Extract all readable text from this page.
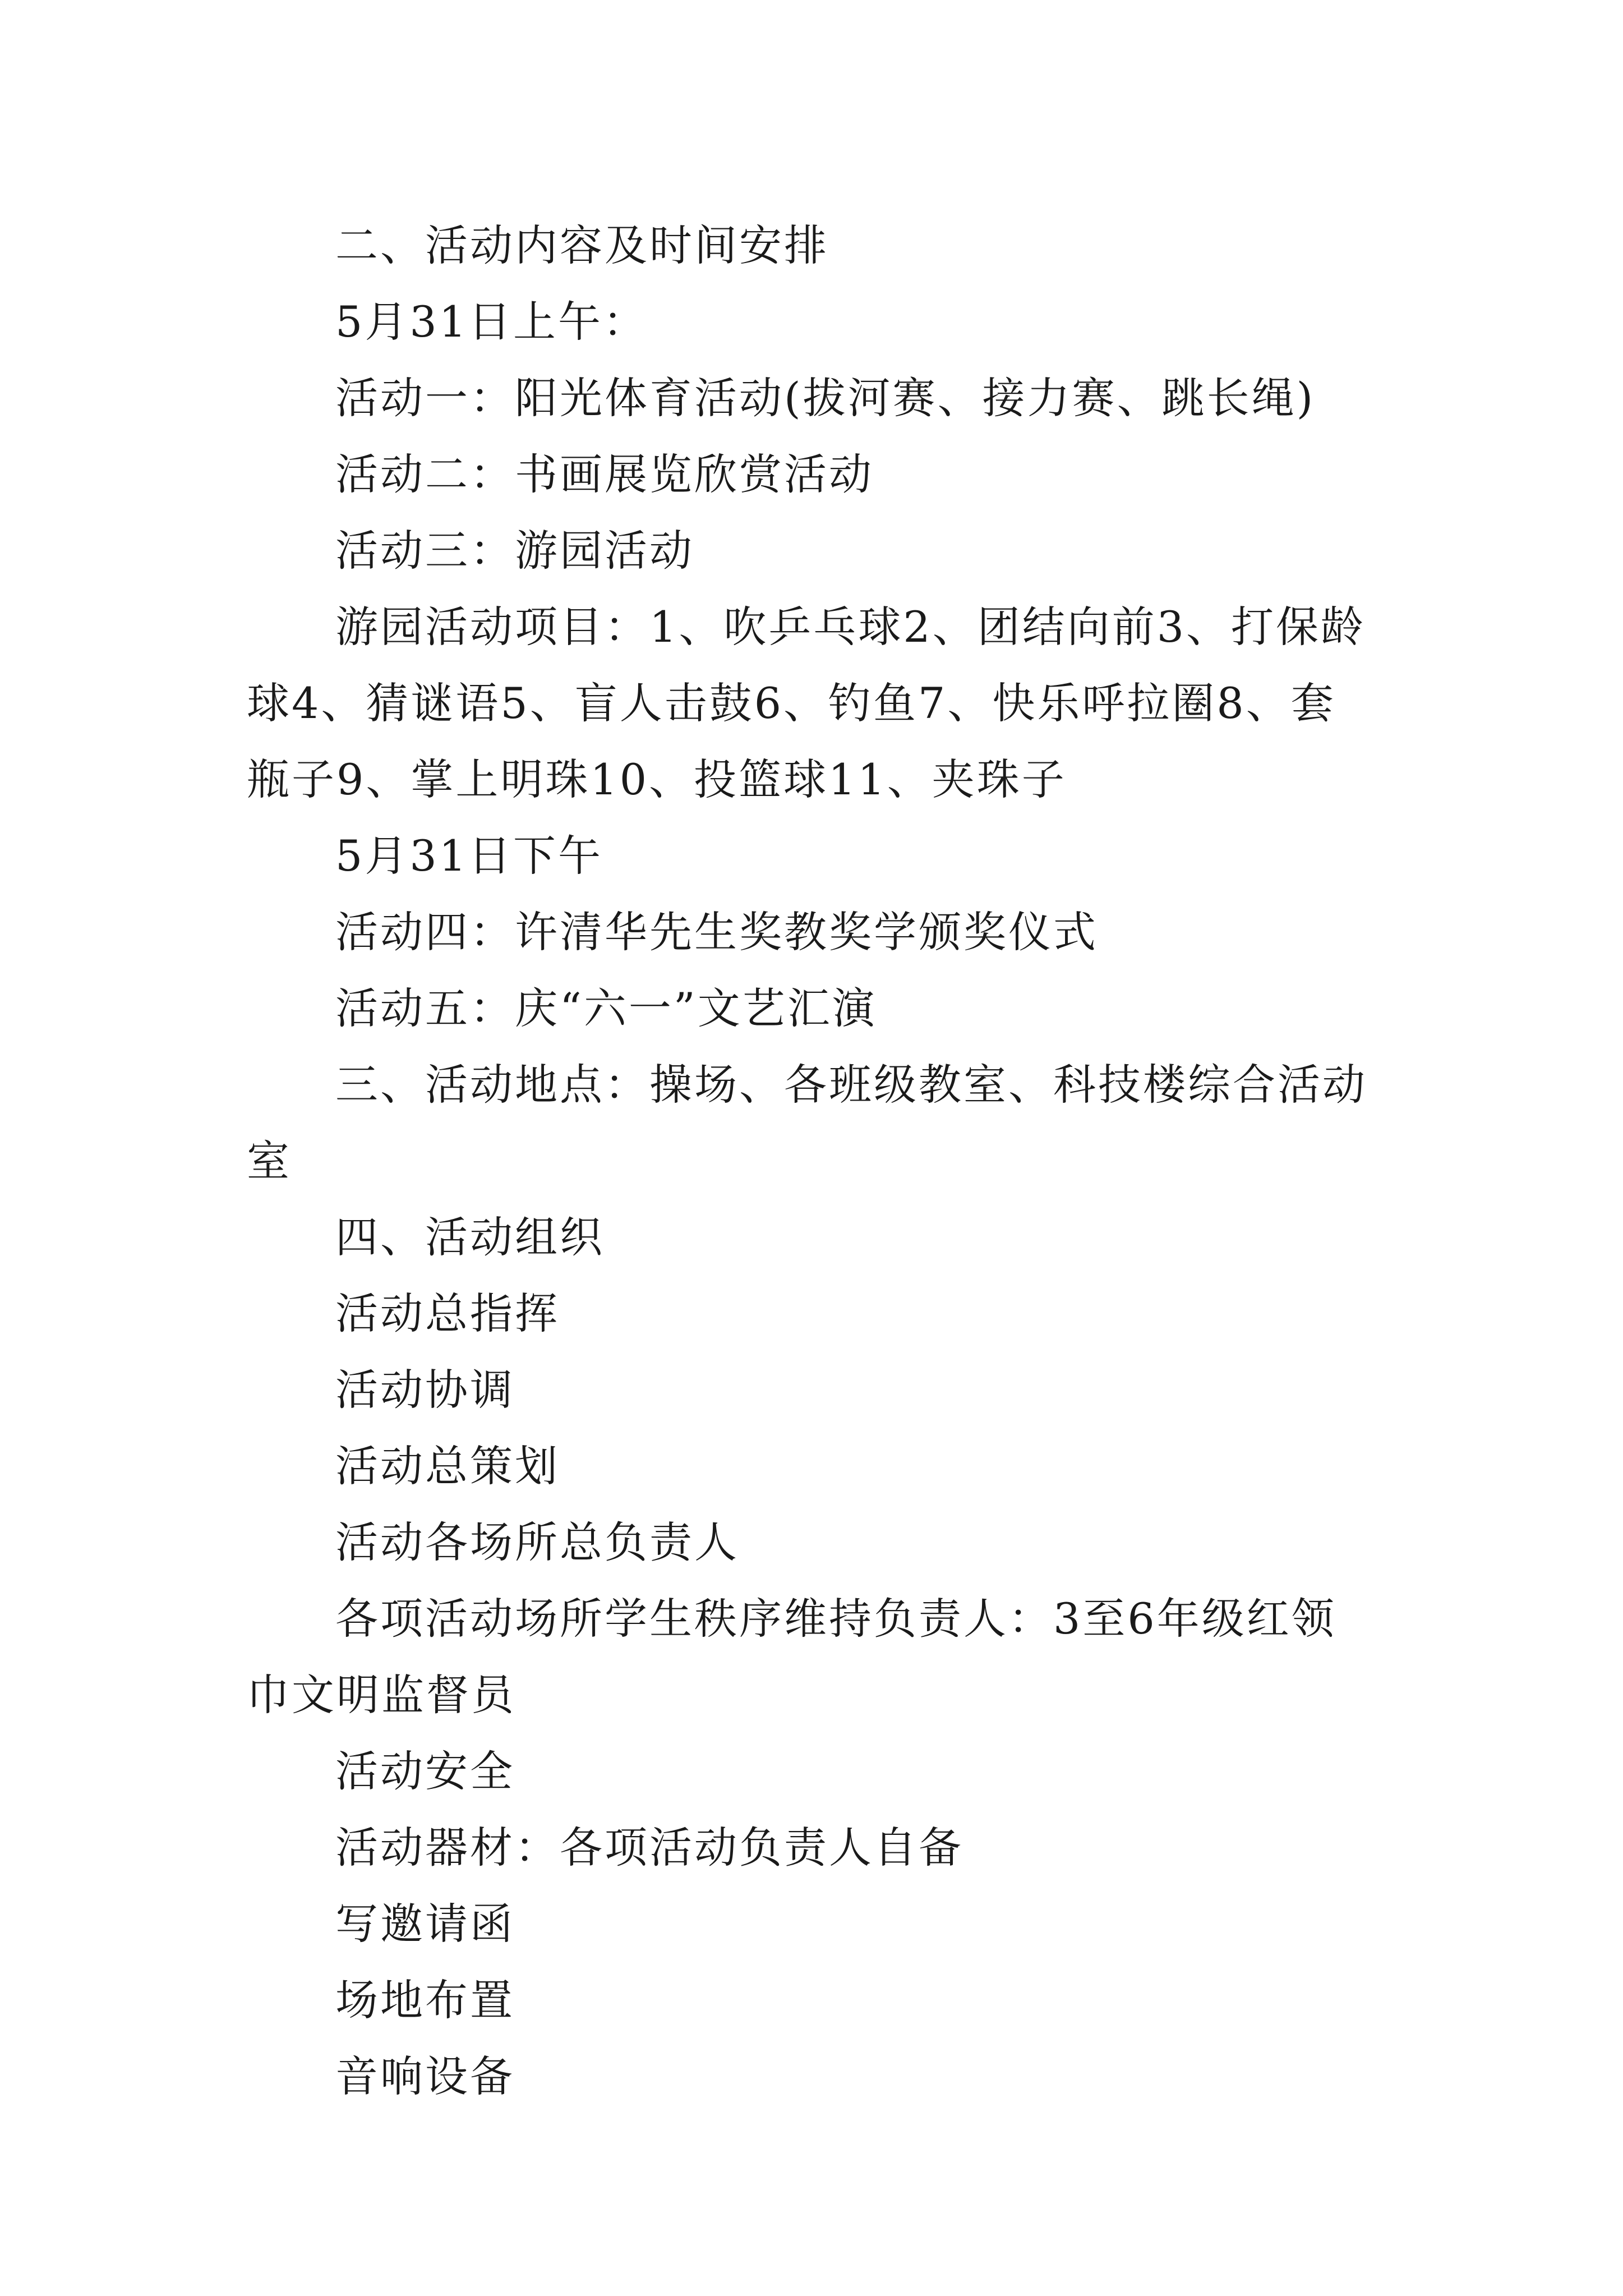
二、活动内容及时间安排

5月31日上午：

活动一：阳光体育活动(拔河赛、接力赛、跳长绳)

活动二：书画展览欣赏活动

活动三：游园活动

游园活动项目：1、吹乒乓球2、团结向前3、打保龄球4、猜谜语5、盲人击鼓6、钓鱼7、快乐呼拉圈8、套瓶子9、掌上明珠10、投篮球11、夹珠子

5月31日下午

活动四：许清华先生奖教奖学颁奖仪式

活动五：庆“六一”文艺汇演

三、活动地点：操场、各班级教室、科技楼综合活动室

四、活动组织

活动总指挥

活动协调

活动总策划

活动各场所总负责人

各项活动场所学生秩序维持负责人：3至6年级红领巾文明监督员

活动安全

活动器材：各项活动负责人自备

写邀请函

场地布置

音响设备
